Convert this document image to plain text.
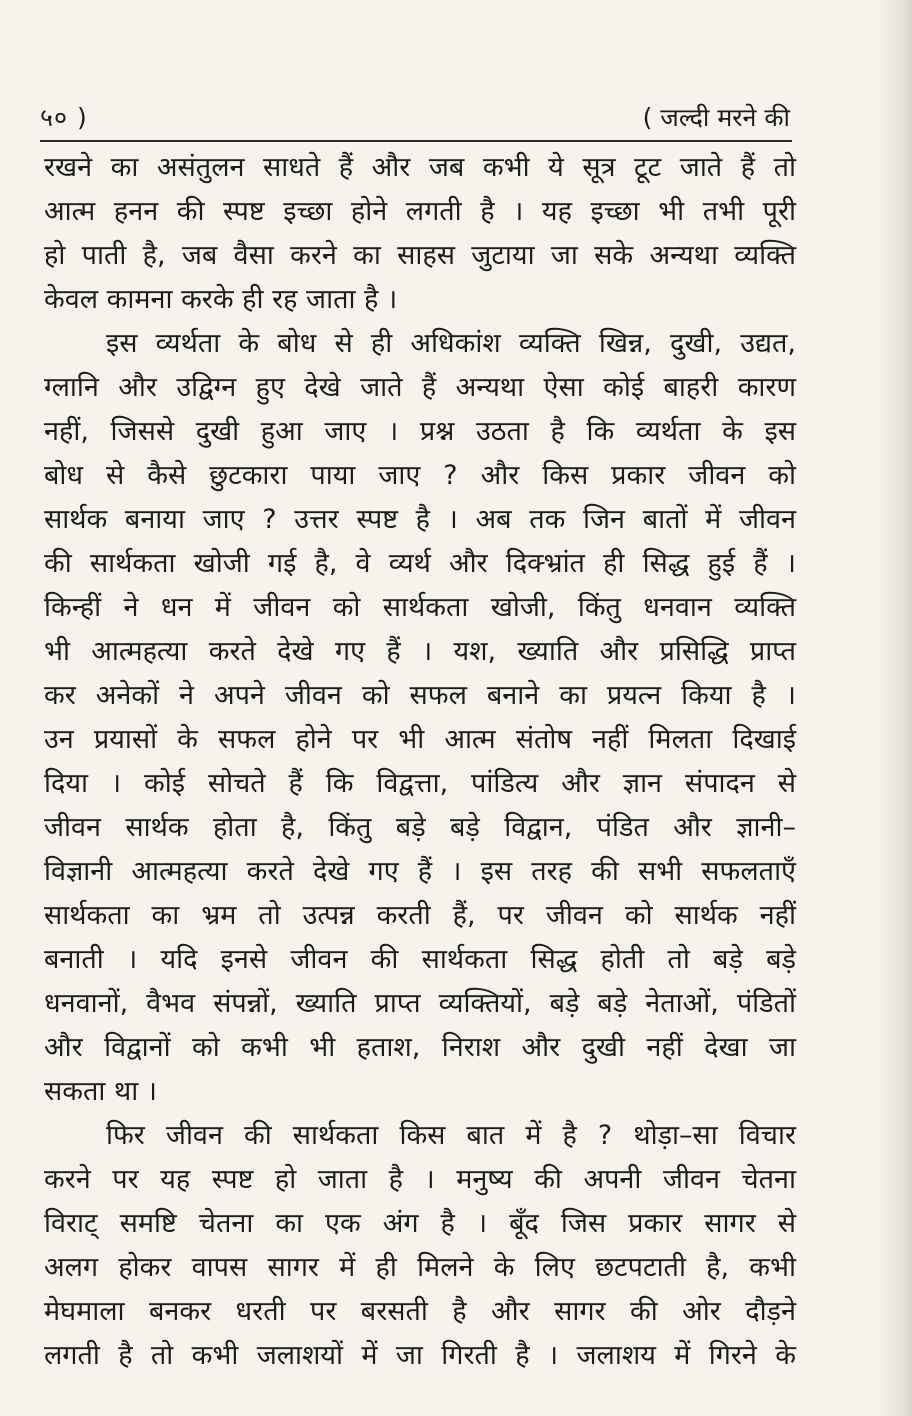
५० )	( जल्दी मरने की
रखने का असंतुलन साधते हैं और जब कभी ये सूत्र टूट जाते हैं तो
आत्म हनन की स्पष्ट इच्छा होने लगती है । यह इच्छा भी तभी पूरी
हो पाती है, जब वैसा करने का साहस जुटाया जा सके अन्यथा व्यक्ति
केवल कामना करके ही रह जाता है ।
इस व्यर्थता के बोध से ही अधिकांश व्यक्ति खिन्न, दुखी, उद्यत,
ग्लानि और उद्विग्न हुए देखे जाते हैं अन्यथा ऐसा कोई बाहरी कारण
नहीं, जिससे दुखी हुआ जाए । प्रश्न उठता है कि व्यर्थता के इस
बोध से कैसे छुटकारा पाया जाए ? और किस प्रकार जीवन को
सार्थक बनाया जाए ? उत्तर स्पष्ट है । अब तक जिन बातों में जीवन
की सार्थकता खोजी गई है, वे व्यर्थ और दिक्भ्रांत ही सिद्ध हुई हैं ।
किन्हीं ने धन में जीवन को सार्थकता खोजी, किंतु धनवान व्यक्ति
भी आत्महत्या करते देखे गए हैं । यश, ख्याति और प्रसिद्धि प्राप्त
कर अनेकों ने अपने जीवन को सफल बनाने का प्रयत्न किया है ।
उन प्रयासों के सफल होने पर भी आत्म संतोष नहीं मिलता दिखाई
दिया । कोई सोचते हैं कि विद्वत्ता, पांडित्य और ज्ञान संपादन से
जीवन सार्थक होता है, किंतु बड़े बड़े विद्वान, पंडित और ज्ञानी–
विज्ञानी आत्महत्या करते देखे गए हैं । इस तरह की सभी सफलताएँ
सार्थकता का भ्रम तो उत्पन्न करती हैं, पर जीवन को सार्थक नहीं
बनाती । यदि इनसे जीवन की सार्थकता सिद्ध होती तो बड़े बड़े
धनवानों, वैभव संपन्नों, ख्याति प्राप्त व्यक्तियों, बड़े बड़े नेताओं, पंडितों
और विद्वानों को कभी भी हताश, निराश और दुखी नहीं देखा जा
सकता था ।
फिर जीवन की सार्थकता किस बात में है ? थोड़ा–सा विचार
करने पर यह स्पष्ट हो जाता है । मनुष्य की अपनी जीवन चेतना
विराट् समष्टि चेतना का एक अंग है । बूँद जिस प्रकार सागर से
अलग होकर वापस सागर में ही मिलने के लिए छटपटाती है, कभी
मेघमाला बनकर धरती पर बरसती है और सागर की ओर दौड़ने
लगती है तो कभी जलाशयों में जा गिरती है । जलाशय में गिरने के
